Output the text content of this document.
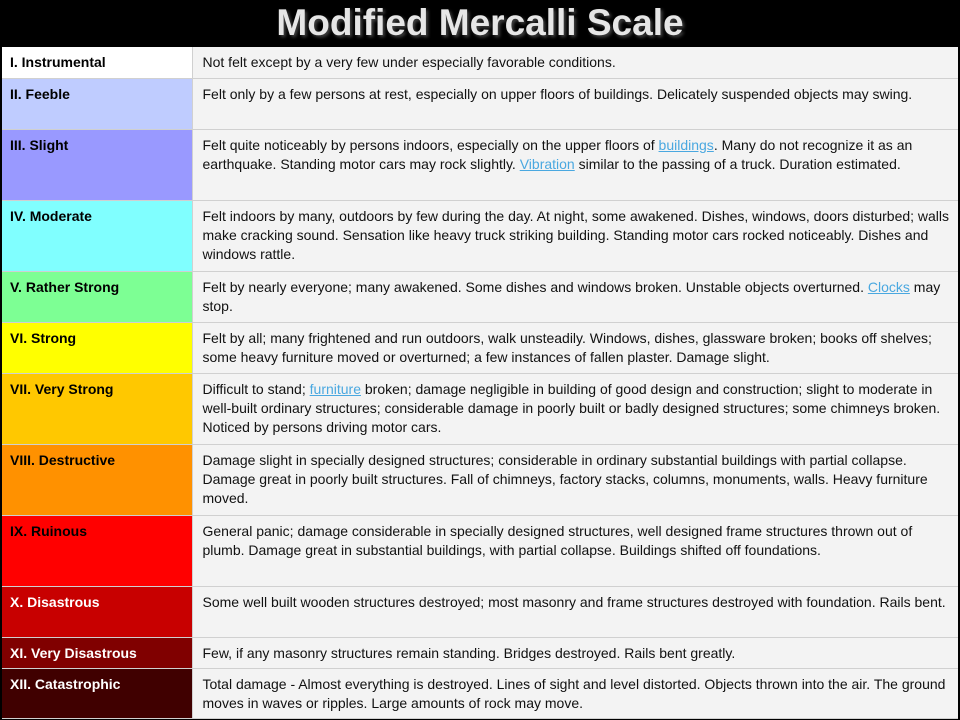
Modified Mercalli Scale
I. Instrumental	Not felt except by a very few under especially favorable conditions.
II. Feeble	Felt only by a few persons at rest, especially on upper floors of buildings. Delicately suspended objects may swing.
III. Slight	Felt quite noticeably by persons indoors, especially on the upper floors of buildings. Many do not recognize it as an earthquake. Standing motor cars may rock slightly. Vibration similar to the passing of a truck. Duration estimated.
IV. Moderate	Felt indoors by many, outdoors by few during the day. At night, some awakened. Dishes, windows, doors disturbed; walls make cracking sound. Sensation like heavy truck striking building. Standing motor cars rocked noticeably. Dishes and windows rattle.
V. Rather Strong	Felt by nearly everyone; many awakened. Some dishes and windows broken. Unstable objects overturned. Clocks may stop.
VI. Strong	Felt by all; many frightened and run outdoors, walk unsteadily. Windows, dishes, glassware broken; books off shelves; some heavy furniture moved or overturned; a few instances of fallen plaster. Damage slight.
VII. Very Strong	Difficult to stand; furniture broken; damage negligible in building of good design and construction; slight to moderate in well-built ordinary structures; considerable damage in poorly built or badly designed structures; some chimneys broken. Noticed by persons driving motor cars.
VIII. Destructive	Damage slight in specially designed structures; considerable in ordinary substantial buildings with partial collapse. Damage great in poorly built structures. Fall of chimneys, factory stacks, columns, monuments, walls. Heavy furniture moved.
IX. Ruinous	General panic; damage considerable in specially designed structures, well designed frame structures thrown out of plumb. Damage great in substantial buildings, with partial collapse. Buildings shifted off foundations.
X. Disastrous	Some well built wooden structures destroyed; most masonry and frame structures destroyed with foundation. Rails bent.
XI. Very Disastrous	Few, if any masonry structures remain standing. Bridges destroyed. Rails bent greatly.
XII. Catastrophic	Total damage - Almost everything is destroyed. Lines of sight and level distorted. Objects thrown into the air. The ground moves in waves or ripples. Large amounts of rock may move.
